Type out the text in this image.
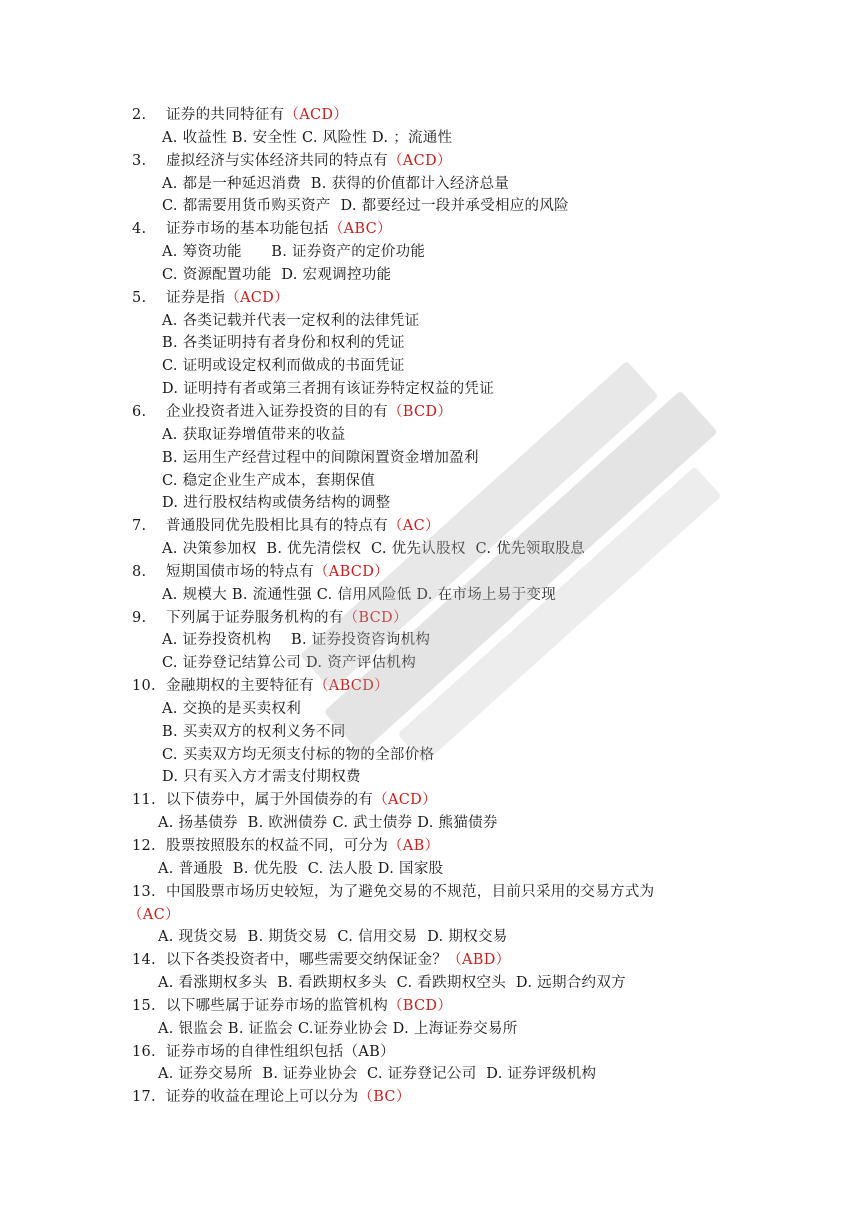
2. 证券的共同特征有（ACD）
A. 收益性 B. 安全性 C. 风险性 D. ；流通性
3. 虚拟经济与实体经济共同的特点有（ACD）
A. 都是一种延迟消费  B. 获得的价值都计入经济总量
C. 都需要用货币购买资产  D. 都要经过一段并承受相应的风险
4. 证券市场的基本功能包括（ABC）
A. 筹资功能      B. 证券资产的定价功能
C. 资源配置功能  D. 宏观调控功能
5. 证券是指（ACD）
A. 各类记载并代表一定权利的法律凭证
B. 各类证明持有者身份和权利的凭证
C. 证明或设定权利而做成的书面凭证
D. 证明持有者或第三者拥有该证券特定权益的凭证
6. 企业投资者进入证券投资的目的有（BCD）
A. 获取证券增值带来的收益
B. 运用生产经营过程中的间隙闲置资金增加盈利
C. 稳定企业生产成本，套期保值
D. 进行股权结构或债务结构的调整
7. 普通股同优先股相比具有的特点有（AC）
A. 决策参加权  B. 优先清偿权  C. 优先认股权  C. 优先领取股息
8. 短期国债市场的特点有（ABCD）
A. 规模大 B. 流通性强 C. 信用风险低 D. 在市场上易于变现
9. 下列属于证券服务机构的有（BCD）
A. 证券投资机构    B. 证券投资咨询机构
C. 证券登记结算公司 D. 资产评估机构
10. 金融期权的主要特征有（ABCD）
A. 交换的是买卖权利
B. 买卖双方的权利义务不同
C. 买卖双方均无须支付标的物的全部价格
D. 只有买入方才需支付期权费
11. 以下债券中，属于外国债券的有（ACD）
A. 扬基债券  B. 欧洲债券 C. 武士债券 D. 熊猫债券
12. 股票按照股东的权益不同，可分为（AB）
A. 普通股  B. 优先股  C. 法人股 D. 国家股
13. 中国股票市场历史较短，为了避免交易的不规范，目前只采用的交易方式为
（AC）
A. 现货交易  B. 期货交易  C. 信用交易  D. 期权交易
14. 以下各类投资者中，哪些需要交纳保证金？（ABD）
A. 看涨期权多头  B. 看跌期权多头  C. 看跌期权空头  D. 远期合约双方
15. 以下哪些属于证券市场的监管机构（BCD）
A. 银监会 B. 证监会 C.证券业协会 D. 上海证券交易所
16. 证券市场的自律性组织包括（AB）
A. 证券交易所  B. 证券业协会  C. 证券登记公司  D. 证券评级机构
17. 证券的收益在理论上可以分为（BC）
